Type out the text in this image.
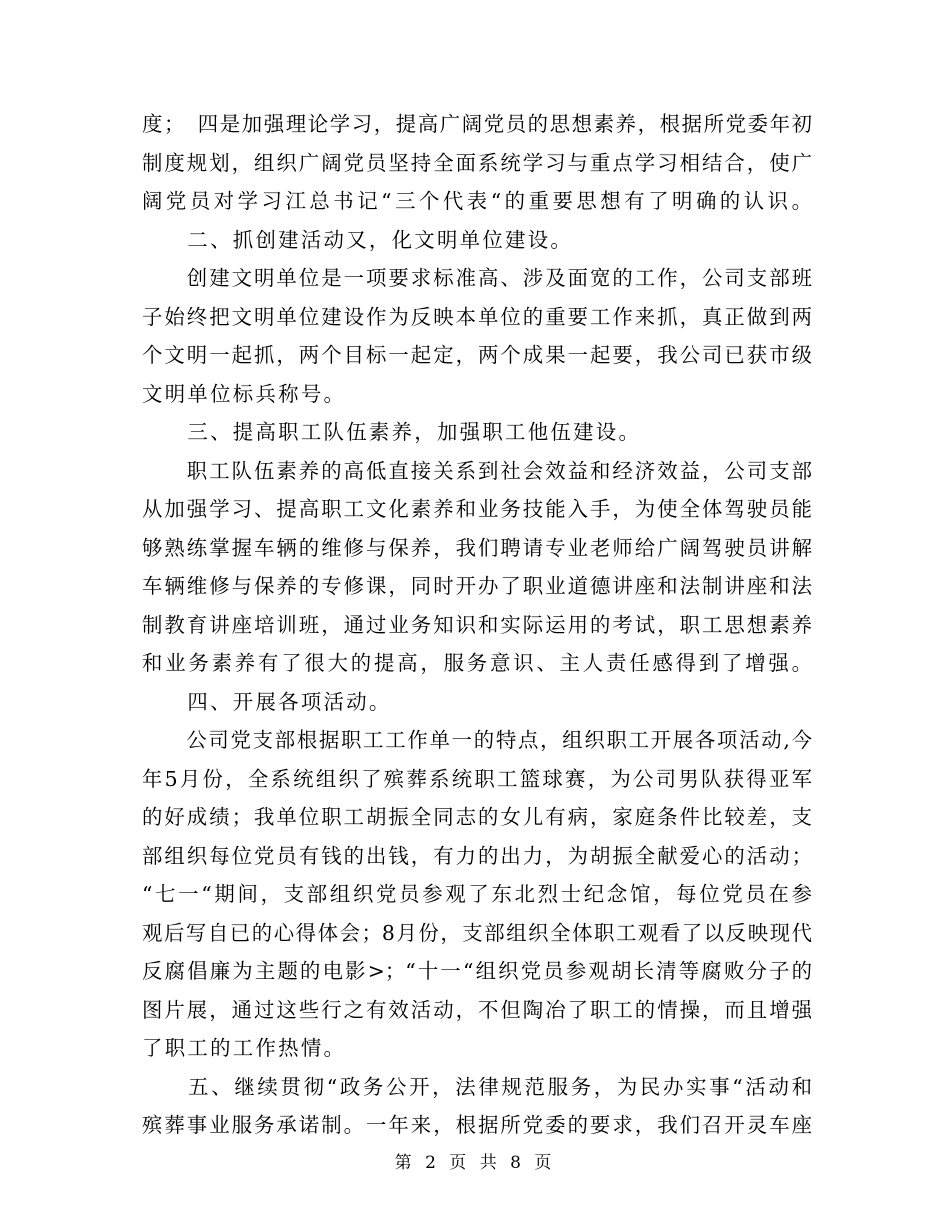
度；　四是加强理论学习，提高广阔党员的思想素养，根据所党委年初
制度规划，组织广阔党员坚持全面系统学习与重点学习相结合，使广
阔党员对学习江总书记“三个代表“的重要思想有了明确的认识。
　　二、抓创建活动又，化文明单位建设。
　　创建文明单位是一项要求标准高、涉及面宽的工作，公司支部班
子始终把文明单位建设作为反映本单位的重要工作来抓，真正做到两
个文明一起抓，两个目标一起定，两个成果一起要，我公司已获市级
文明单位标兵称号。
　　三、提高职工队伍素养，加强职工他伍建设。
　　职工队伍素养的高低直接关系到社会效益和经济效益，公司支部
从加强学习、提高职工文化素养和业务技能入手，为使全体驾驶员能
够熟练掌握车辆的维修与保养，我们聘请专业老师给广阔驾驶员讲解
车辆维修与保养的专修课，同时开办了职业道德讲座和法制讲座和法
制教育讲座培训班，通过业务知识和实际运用的考试，职工思想素养
和业务素养有了很大的提高，服务意识、主人责任感得到了增强。
　　四、开展各项活动。
　　公司党支部根据职工工作单一的特点，组织职工开展各项活动,今
年5月份，全系统组织了殡葬系统职工篮球赛，为公司男队获得亚军
的好成绩；我单位职工胡振全同志的女儿有病，家庭条件比较差，支
部组织每位党员有钱的出钱，有力的出力，为胡振全献爱心的活动；
“七一“期间，支部组织党员参观了东北烈士纪念馆，每位党员在参
观后写自已的心得体会；8月份，支部组织全体职工观看了以反映现代
反腐倡廉为主题的电影>；“十一“组织党员参观胡长清等腐败分子的
图片展，通过这些行之有效活动，不但陶冶了职工的情操，而且增强
了职工的工作热情。
　　五、继续贯彻“政务公开，法律规范服务，为民办实事“活动和
殡葬事业服务承诺制。一年来，根据所党委的要求，我们召开灵车座
第 2 页 共 8 页
